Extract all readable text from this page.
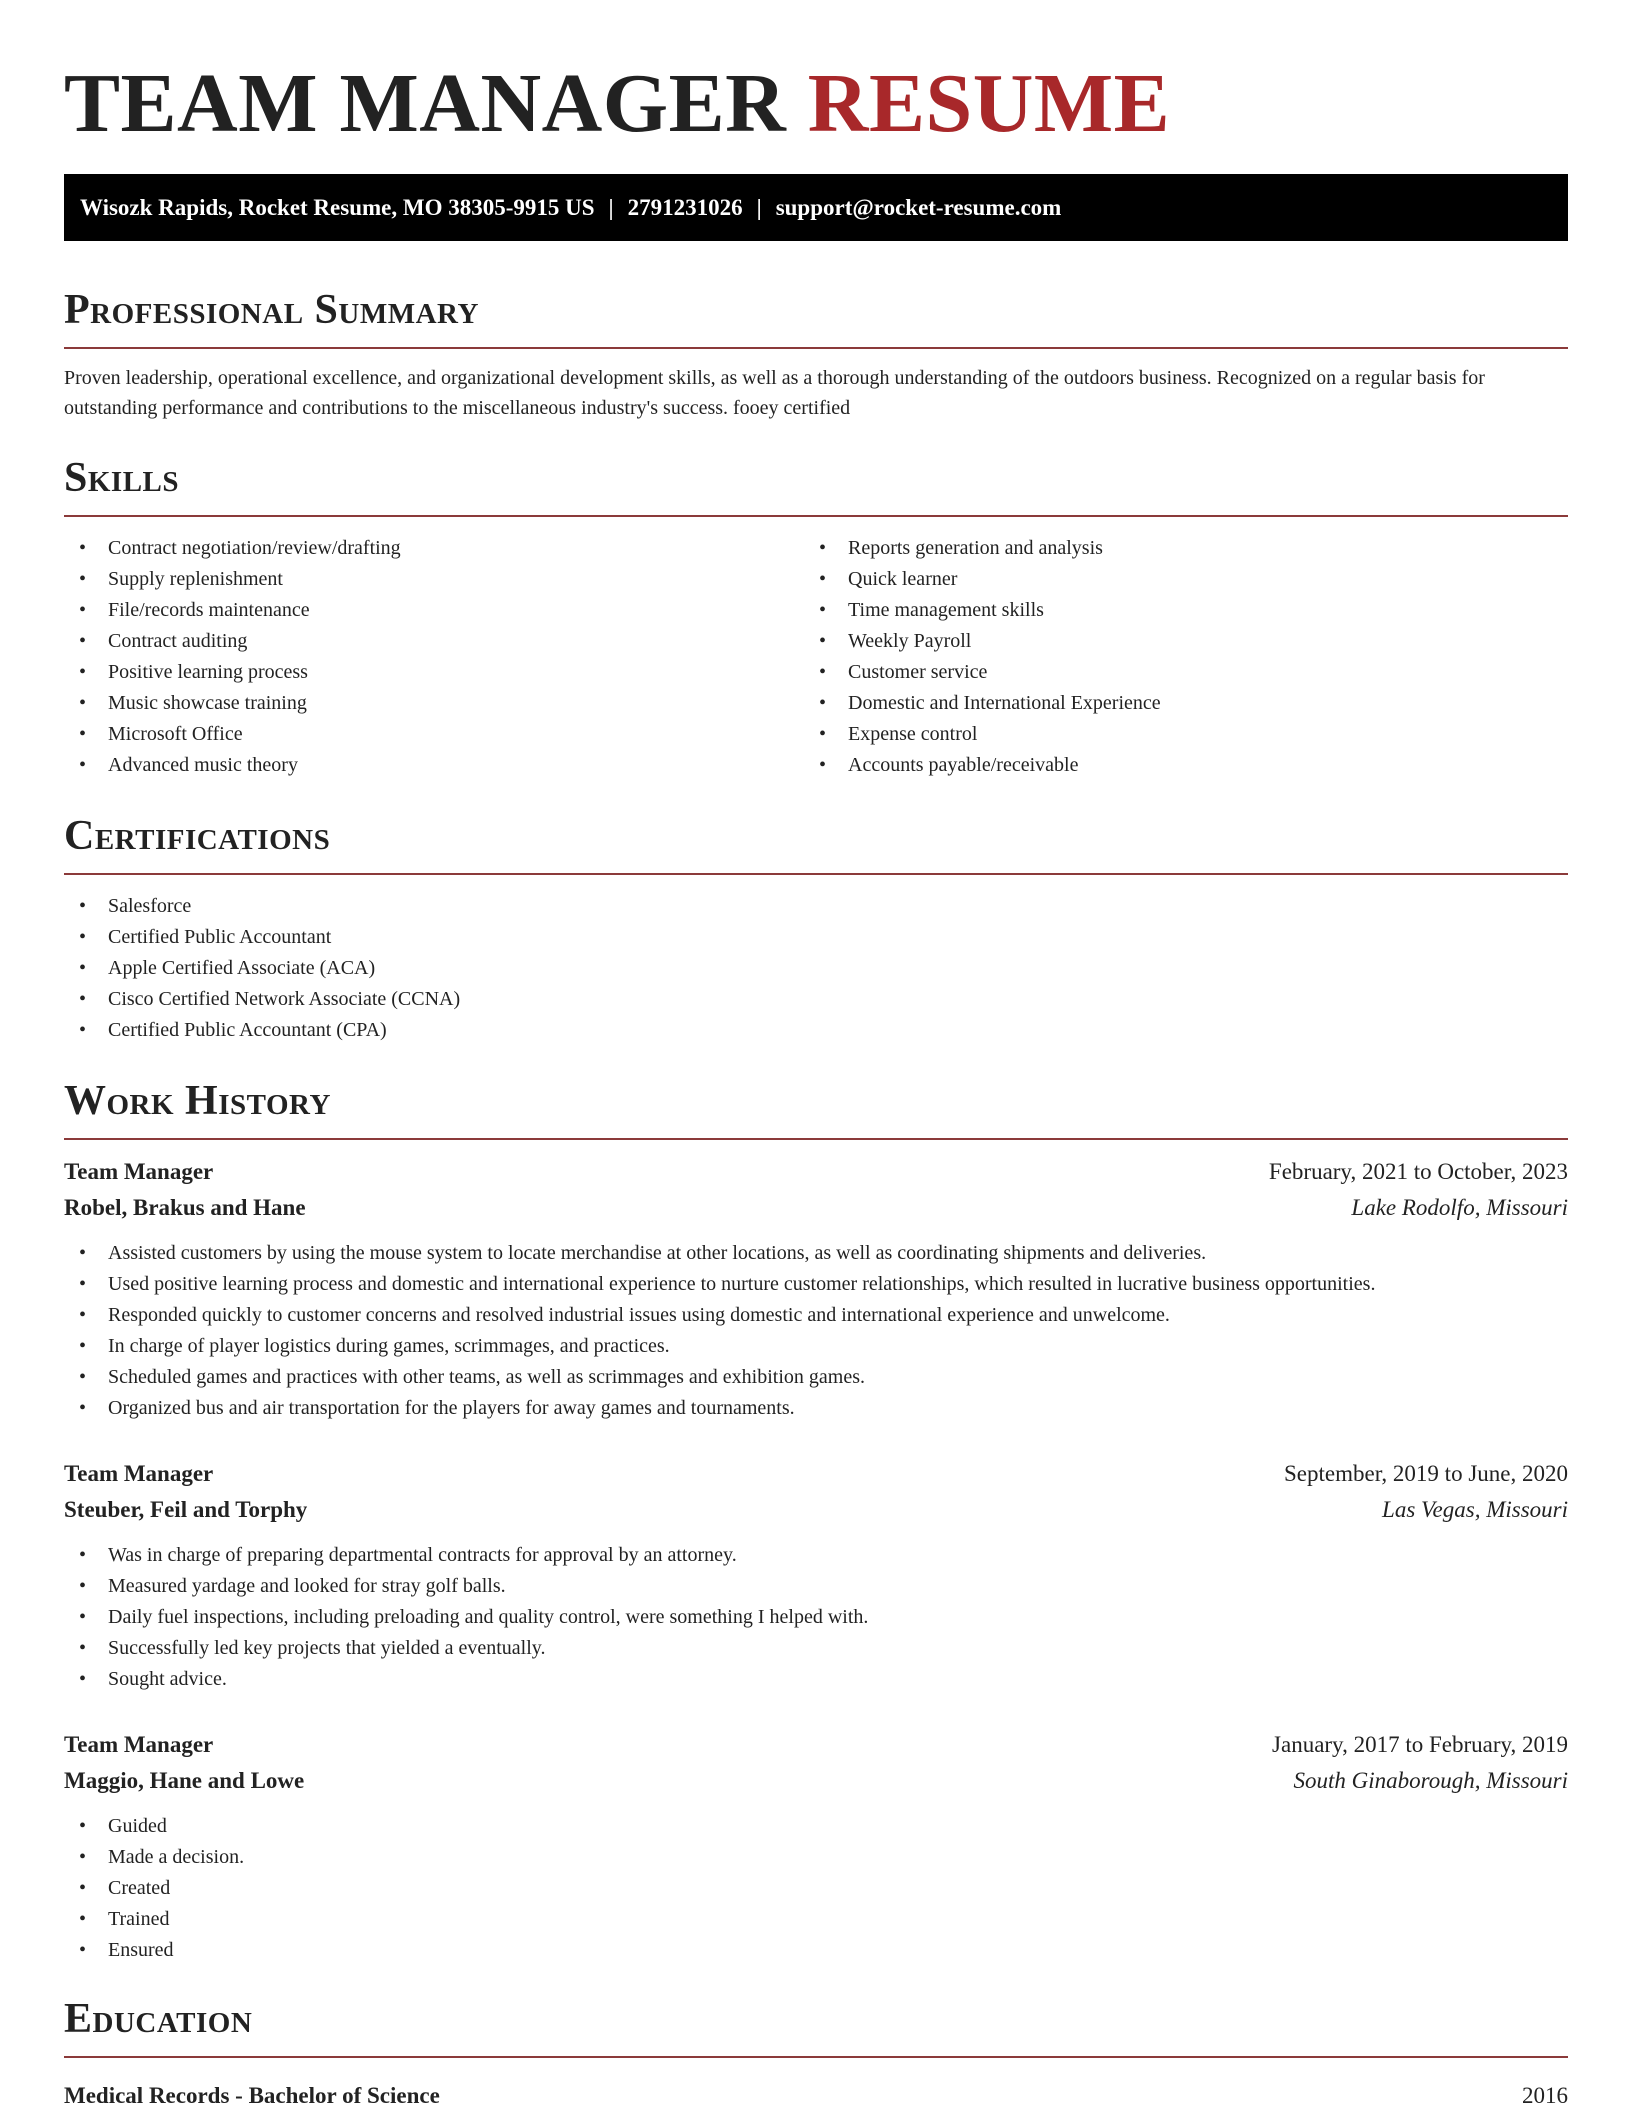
TEAM MANAGER RESUME
Wisozk Rapids, Rocket Resume, MO 38305-9915 US | 2791231026 | support@rocket-resume.com
Professional Summary
Proven leadership, operational excellence, and organizational development skills, as well as a thorough understanding of the outdoors business. Recognized on a regular basis for outstanding performance and contributions to the miscellaneous industry's success. fooey certified
Skills
• Contract negotiation/review/drafting
• Supply replenishment
• File/records maintenance
• Contract auditing
• Positive learning process
• Music showcase training
• Microsoft Office
• Advanced music theory
• Reports generation and analysis
• Quick learner
• Time management skills
• Weekly Payroll
• Customer service
• Domestic and International Experience
• Expense control
• Accounts payable/receivable
Certifications
• Salesforce
• Certified Public Accountant
• Apple Certified Associate (ACA)
• Cisco Certified Network Associate (CCNA)
• Certified Public Accountant (CPA)
Work History
Team Manager	February, 2021 to October, 2023
Robel, Brakus and Hane	Lake Rodolfo, Missouri
• Assisted customers by using the mouse system to locate merchandise at other locations, as well as coordinating shipments and deliveries.
• Used positive learning process and domestic and international experience to nurture customer relationships, which resulted in lucrative business opportunities.
• Responded quickly to customer concerns and resolved industrial issues using domestic and international experience and unwelcome.
• In charge of player logistics during games, scrimmages, and practices.
• Scheduled games and practices with other teams, as well as scrimmages and exhibition games.
• Organized bus and air transportation for the players for away games and tournaments.
Team Manager	September, 2019 to June, 2020
Steuber, Feil and Torphy	Las Vegas, Missouri
• Was in charge of preparing departmental contracts for approval by an attorney.
• Measured yardage and looked for stray golf balls.
• Daily fuel inspections, including preloading and quality control, were something I helped with.
• Successfully led key projects that yielded a eventually.
• Sought advice.
Team Manager	January, 2017 to February, 2019
Maggio, Hane and Lowe	South Ginaborough, Missouri
• Guided
• Made a decision.
• Created
• Trained
• Ensured
Education
Medical Records - Bachelor of Science	2016
